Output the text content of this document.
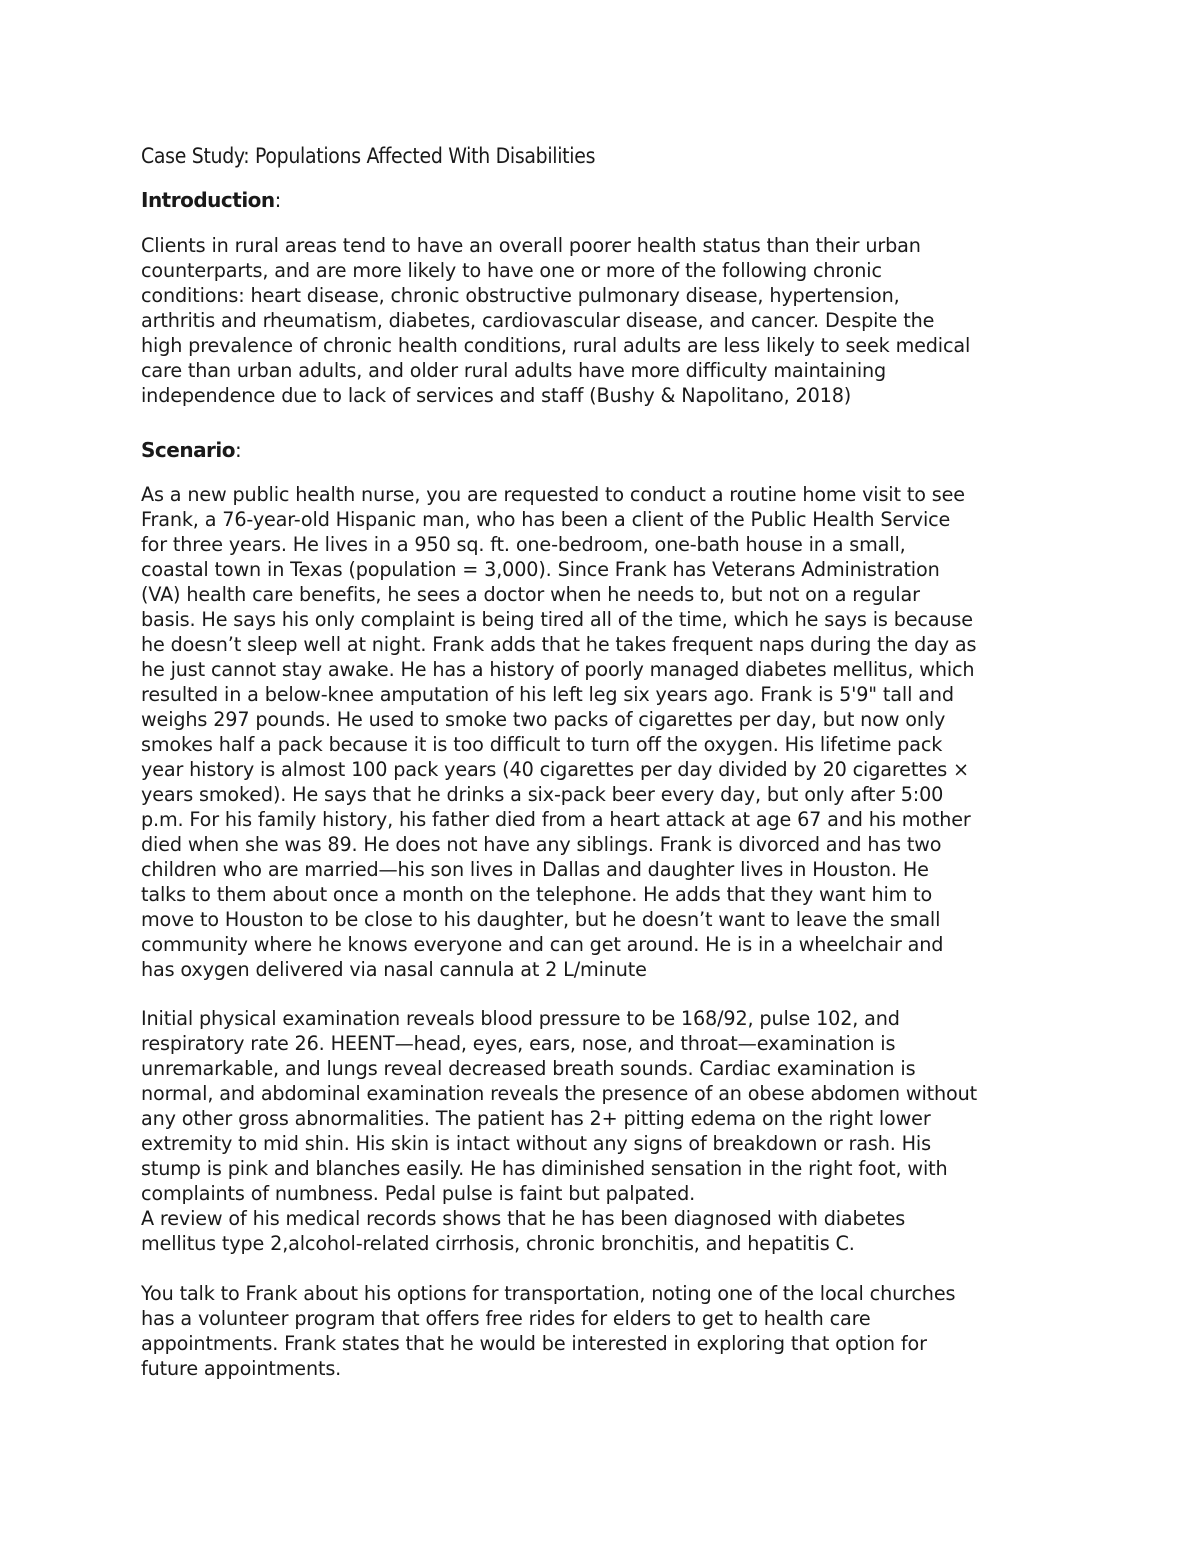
Case Study: Populations Affected With Disabilities
Introduction:
Clients in rural areas tend to have an overall poorer health status than their urban
counterparts, and are more likely to have one or more of the following chronic
conditions: heart disease, chronic obstructive pulmonary disease, hypertension,
arthritis and rheumatism, diabetes, cardiovascular disease, and cancer. Despite the
high prevalence of chronic health conditions, rural adults are less likely to seek medical
care than urban adults, and older rural adults have more difficulty maintaining
independence due to lack of services and staff (Bushy & Napolitano, 2018)
Scenario:
As a new public health nurse, you are requested to conduct a routine home visit to see
Frank, a 76-year-old Hispanic man, who has been a client of the Public Health Service
for three years. He lives in a 950 sq. ft. one-bedroom, one-bath house in a small,
coastal town in Texas (population = 3,000). Since Frank has Veterans Administration
(VA) health care benefits, he sees a doctor when he needs to, but not on a regular
basis. He says his only complaint is being tired all of the time, which he says is because
he doesn’t sleep well at night. Frank adds that he takes frequent naps during the day as
he just cannot stay awake. He has a history of poorly managed diabetes mellitus, which
resulted in a below-knee amputation of his left leg six years ago. Frank is 5'9" tall and
weighs 297 pounds. He used to smoke two packs of cigarettes per day, but now only
smokes half a pack because it is too difficult to turn off the oxygen. His lifetime pack
year history is almost 100 pack years (40 cigarettes per day divided by 20 cigarettes ×
years smoked). He says that he drinks a six-pack beer every day, but only after 5:00
p.m. For his family history, his father died from a heart attack at age 67 and his mother
died when she was 89. He does not have any siblings. Frank is divorced and has two
children who are married—his son lives in Dallas and daughter lives in Houston. He
talks to them about once a month on the telephone. He adds that they want him to
move to Houston to be close to his daughter, but he doesn’t want to leave the small
community where he knows everyone and can get around. He is in a wheelchair and
has oxygen delivered via nasal cannula at 2 L/minute
Initial physical examination reveals blood pressure to be 168/92, pulse 102, and
respiratory rate 26. HEENT—head, eyes, ears, nose, and throat—examination is
unremarkable, and lungs reveal decreased breath sounds. Cardiac examination is
normal, and abdominal examination reveals the presence of an obese abdomen without
any other gross abnormalities. The patient has 2+ pitting edema on the right lower
extremity to mid shin. His skin is intact without any signs of breakdown or rash. His
stump is pink and blanches easily. He has diminished sensation in the right foot, with
complaints of numbness. Pedal pulse is faint but palpated.
A review of his medical records shows that he has been diagnosed with diabetes
mellitus type 2,alcohol-related cirrhosis, chronic bronchitis, and hepatitis C.
You talk to Frank about his options for transportation, noting one of the local churches
has a volunteer program that offers free rides for elders to get to health care
appointments. Frank states that he would be interested in exploring that option for
future appointments.
